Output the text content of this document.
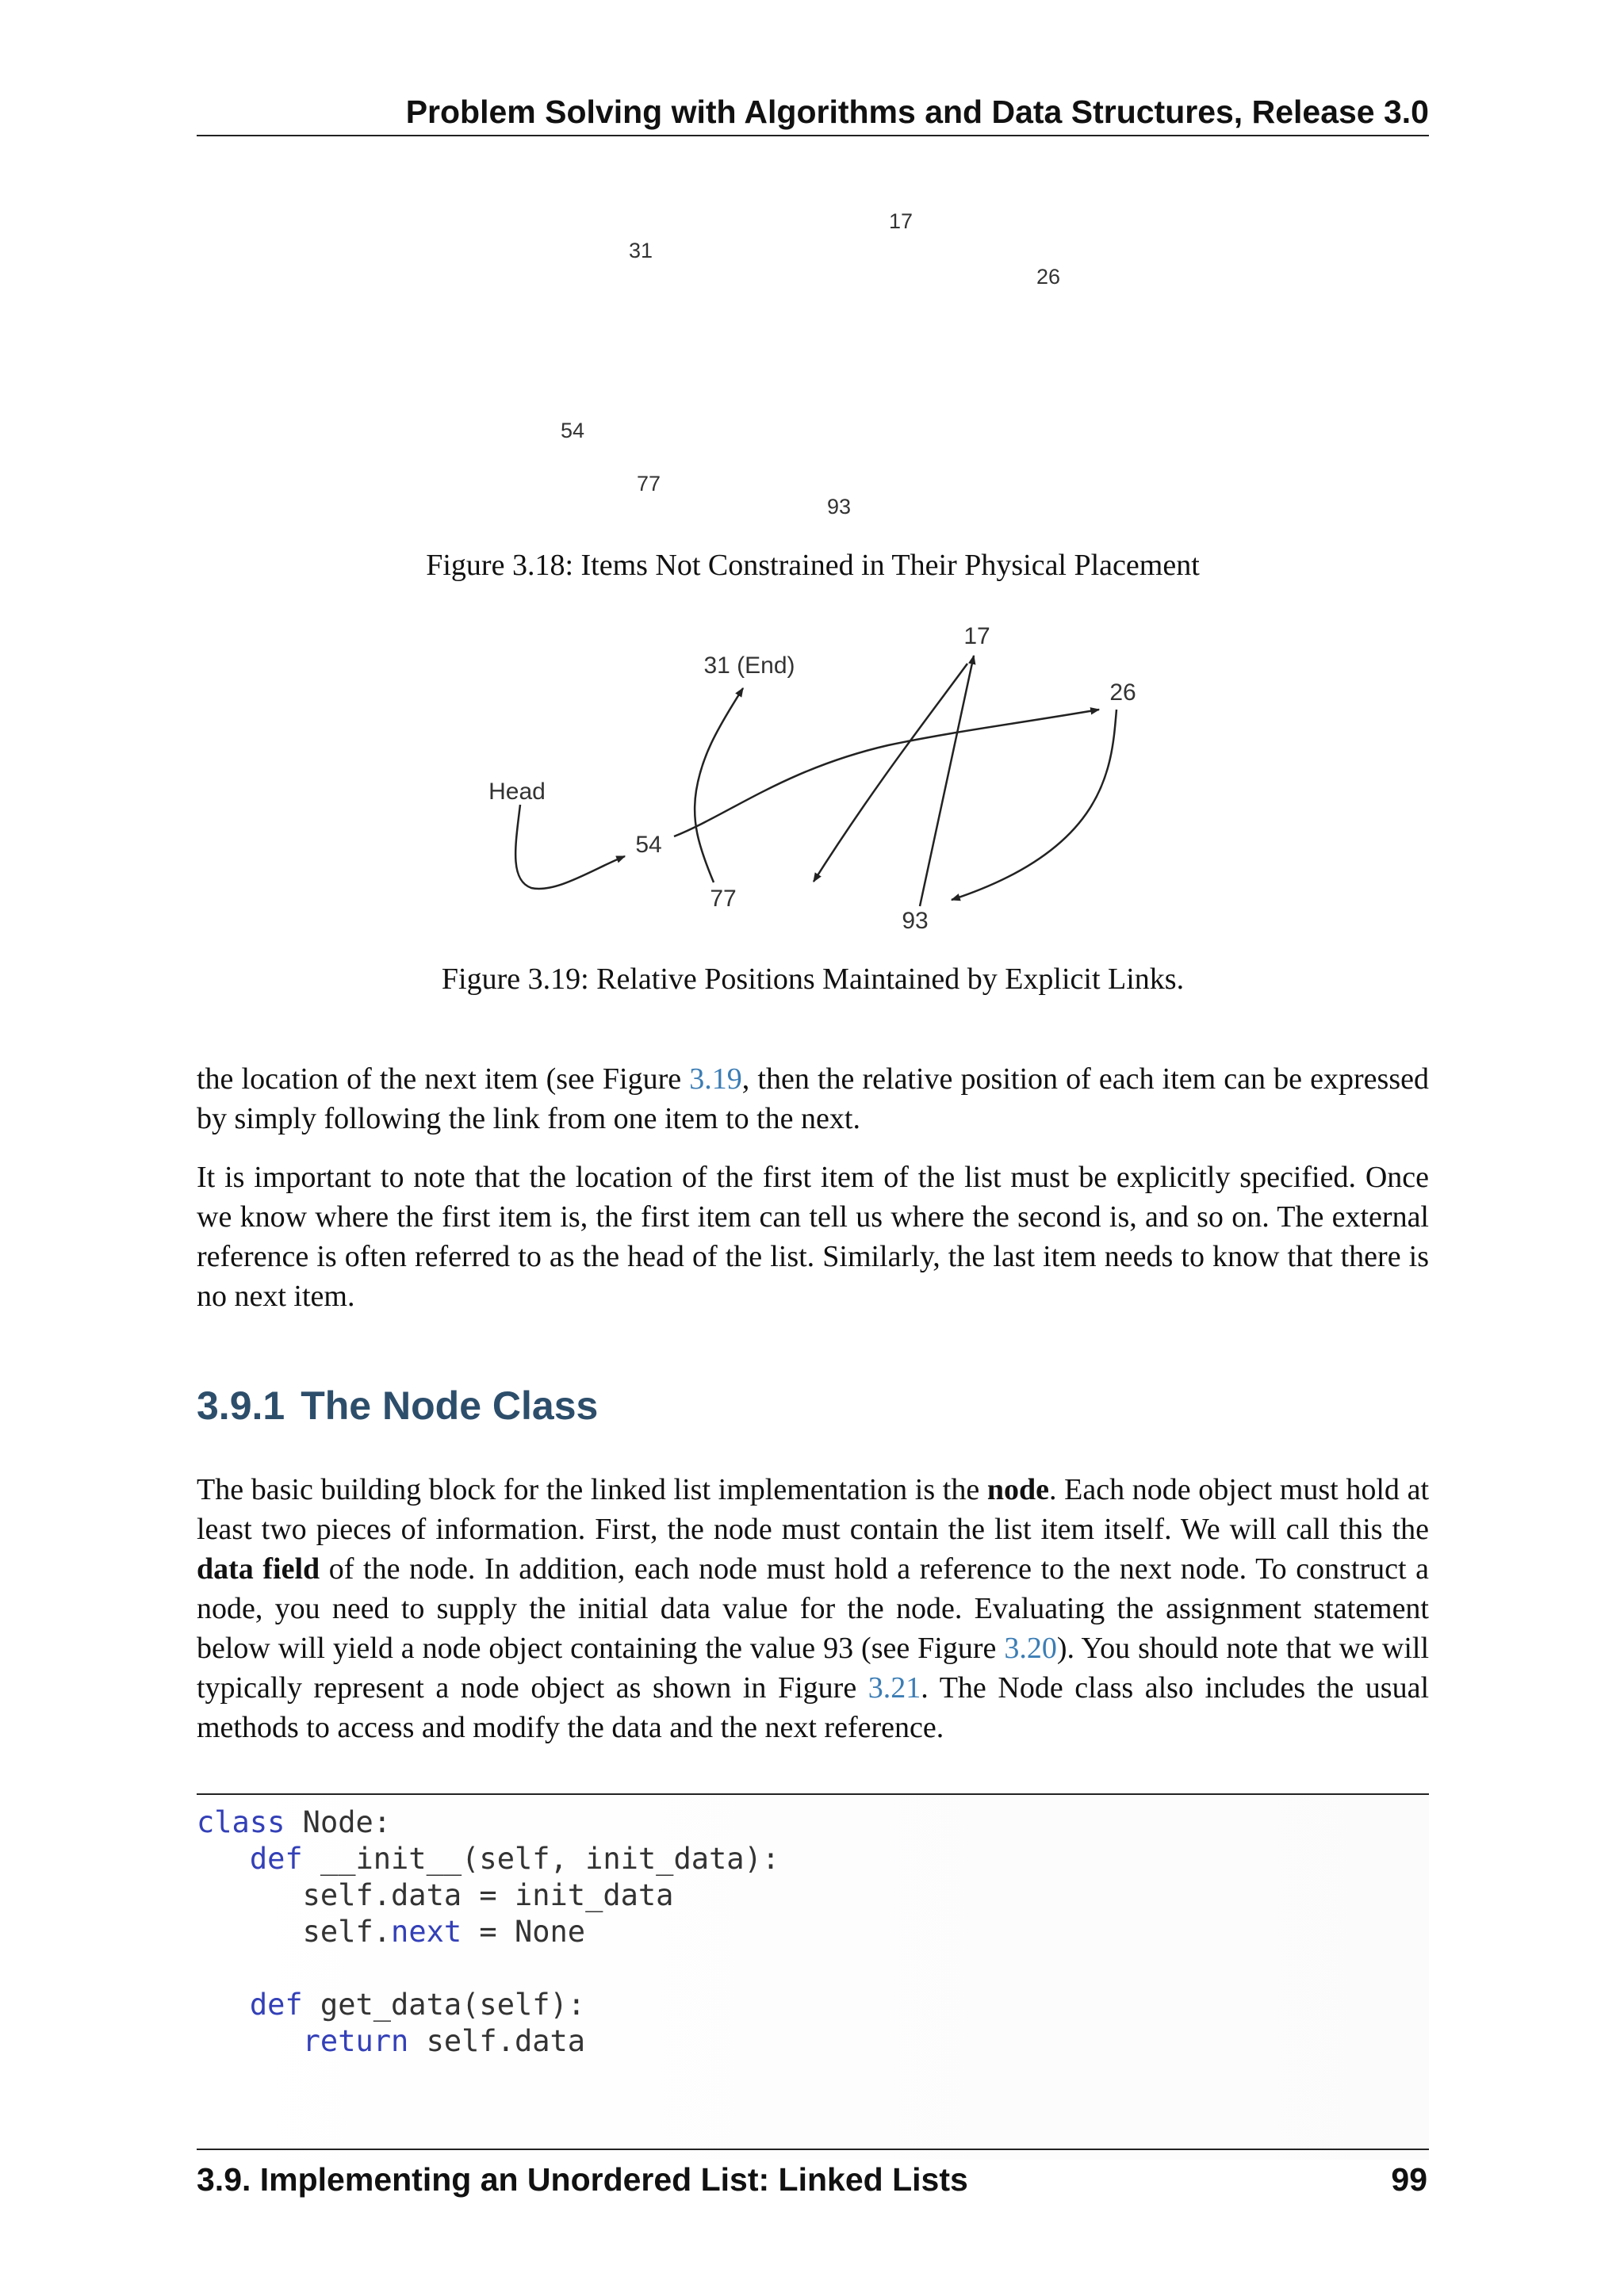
Problem Solving with Algorithms and Data Structures, Release 3.0
17
31
26
54
77
93
Figure 3.18: Items Not Constrained in Their Physical Placement
Head
54
77
93
17
26
31 (End)
Figure 3.19: Relative Positions Maintained by Explicit Links.

the location of the next item (see Figure 3.19, then the relative position of each item can be expressed by simply following the link from one item to the next.

It is important to note that the location of the first item of the list must be explicitly specified. Once we know where the first item is, the first item can tell us where the second is, and so on. The external reference is often referred to as the head of the list. Similarly, the last item needs to know that there is no next item.

3.9.1 The Node Class

The basic building block for the linked list implementation is the node. Each node object must hold at least two pieces of information. First, the node must contain the list item itself. We will call this the data field of the node. In addition, each node must hold a reference to the next node. To construct a node, you need to supply the initial data value for the node. Evaluating the assignment statement below will yield a node object containing the value 93 (see Figure 3.20). You should note that we will typically represent a node object as shown in Figure 3.21. The Node class also includes the usual methods to access and modify the data and the next reference.

class Node:
def __init__(self, init_data):
self.data = init_data
self.next = None
def get_data(self):
return self.data
3.9. Implementing an Unordered List: Linked Lists	99
